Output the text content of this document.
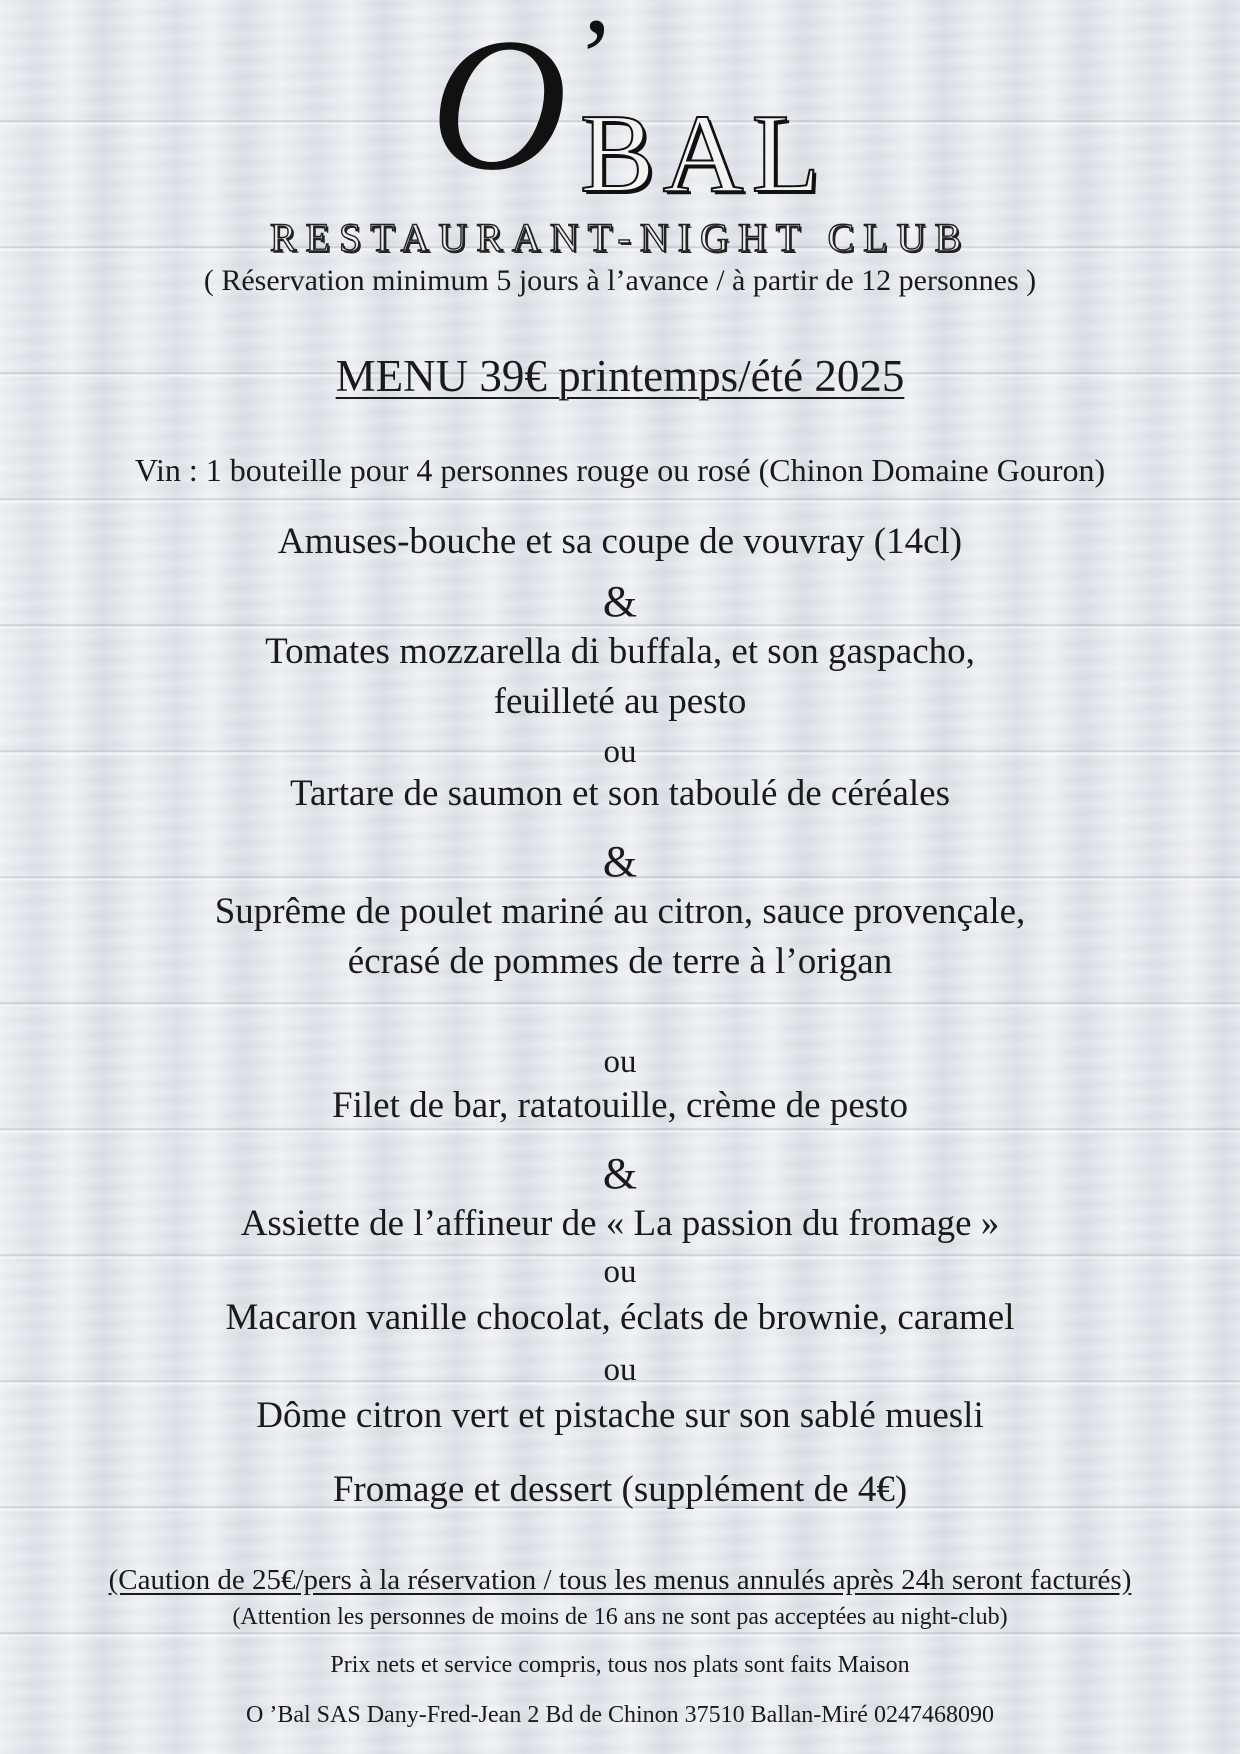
O ’
BAL
RESTAURANT-NIGHT CLUB
( Réservation minimum 5 jours à l’avance / à partir de 12 personnes )
MENU 39€ printemps/été 2025
Vin : 1 bouteille pour 4 personnes rouge ou rosé (Chinon Domaine Gouron)
Amuses-bouche et sa coupe de vouvray (14cl)
&
Tomates mozzarella di buffala, et son gaspacho,
feuilleté au pesto
ou
Tartare de saumon et son taboulé de céréales
&
Suprême de poulet mariné au citron, sauce provençale,
écrasé de pommes de terre à l’origan
ou
Filet de bar, ratatouille, crème de pesto
&
Assiette de l’affineur de « La passion du fromage »
ou
Macaron vanille chocolat, éclats de brownie, caramel
ou
Dôme citron vert et pistache sur son sablé muesli
Fromage et dessert (supplément de 4€)
(Caution de 25€/pers à la réservation / tous les menus annulés après 24h seront facturés)
(Attention les personnes de moins de 16 ans ne sont pas acceptées au night-club)
Prix nets et service compris, tous nos plats sont faits Maison
O ’Bal SAS Dany-Fred-Jean 2 Bd de Chinon 37510 Ballan-Miré 0247468090
